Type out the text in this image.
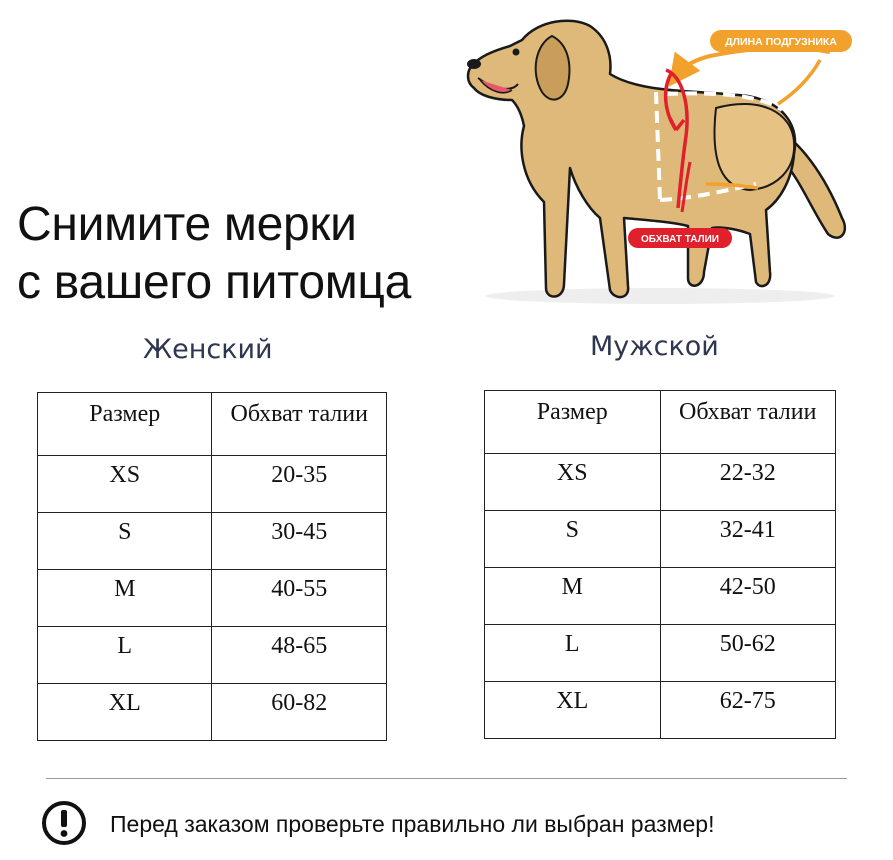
Снимите мерки
с вашего питомца
ДЛИНА ПОДГУЗНИКА
ОБХВАТ ТАЛИИ
Женский	Мужской
Размер	Обхват талии
XS	20-35
S	30-45
M	40-55
L	48-65
XL	60-82
Размер	Обхват талии
XS	22-32
S	32-41
M	42-50
L	50-62
XL	62-75

Перед заказом проверьте правильно ли выбран размер!
